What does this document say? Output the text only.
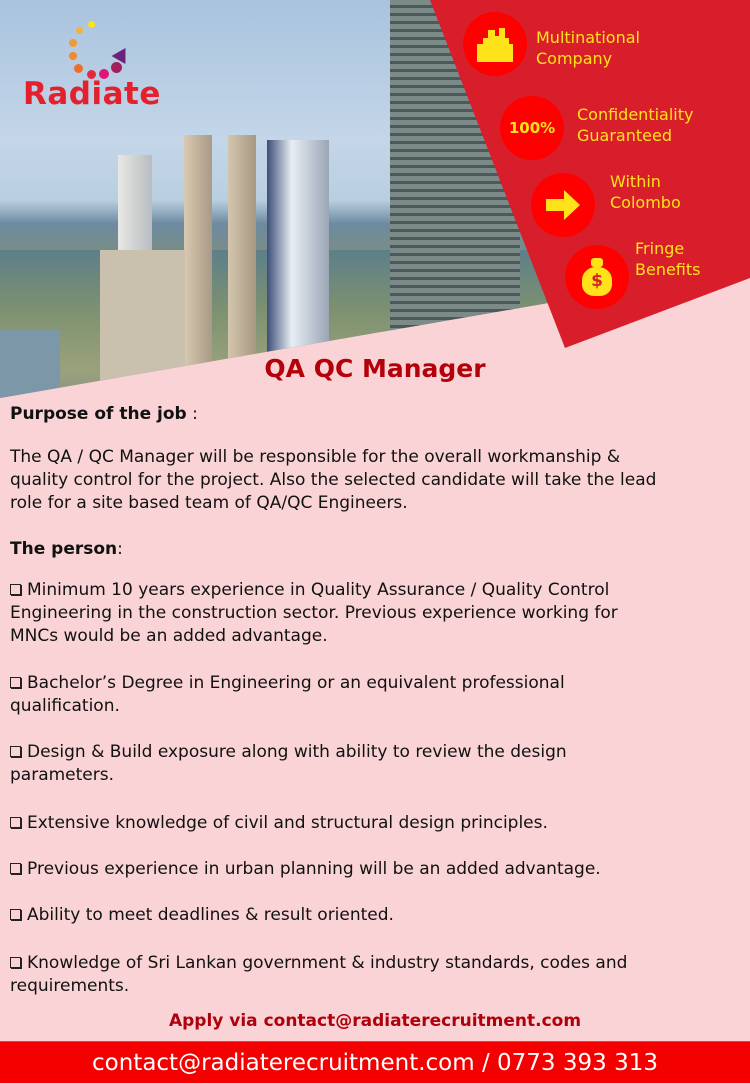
Radiate
Multinational
Company
100%
Confidentiality
Guaranteed
Within
Colombo
$
Fringe
Benefits
QA QC Manager
Purpose of the job :
The QA / QC Manager will be responsible for the overall workmanship &
quality control for the project. Also the selected candidate will take the lead
role for a site based team of QA/QC Engineers.
The person:
Minimum 10 years experience in Quality Assurance / Quality Control
Engineering in the construction sector. Previous experience working for
MNCs would be an added advantage.
Bachelor’s Degree in Engineering or an equivalent professional
qualification.
Design & Build exposure along with ability to review the design
parameters.
Extensive knowledge of civil and structural design principles.
Previous experience in urban planning will be an added advantage.
Ability to meet deadlines & result oriented.
Knowledge of Sri Lankan government & industry standards, codes and
requirements.
Apply via contact@radiaterecruitment.com
contact@radiaterecruitment.com / 0773 393 313
